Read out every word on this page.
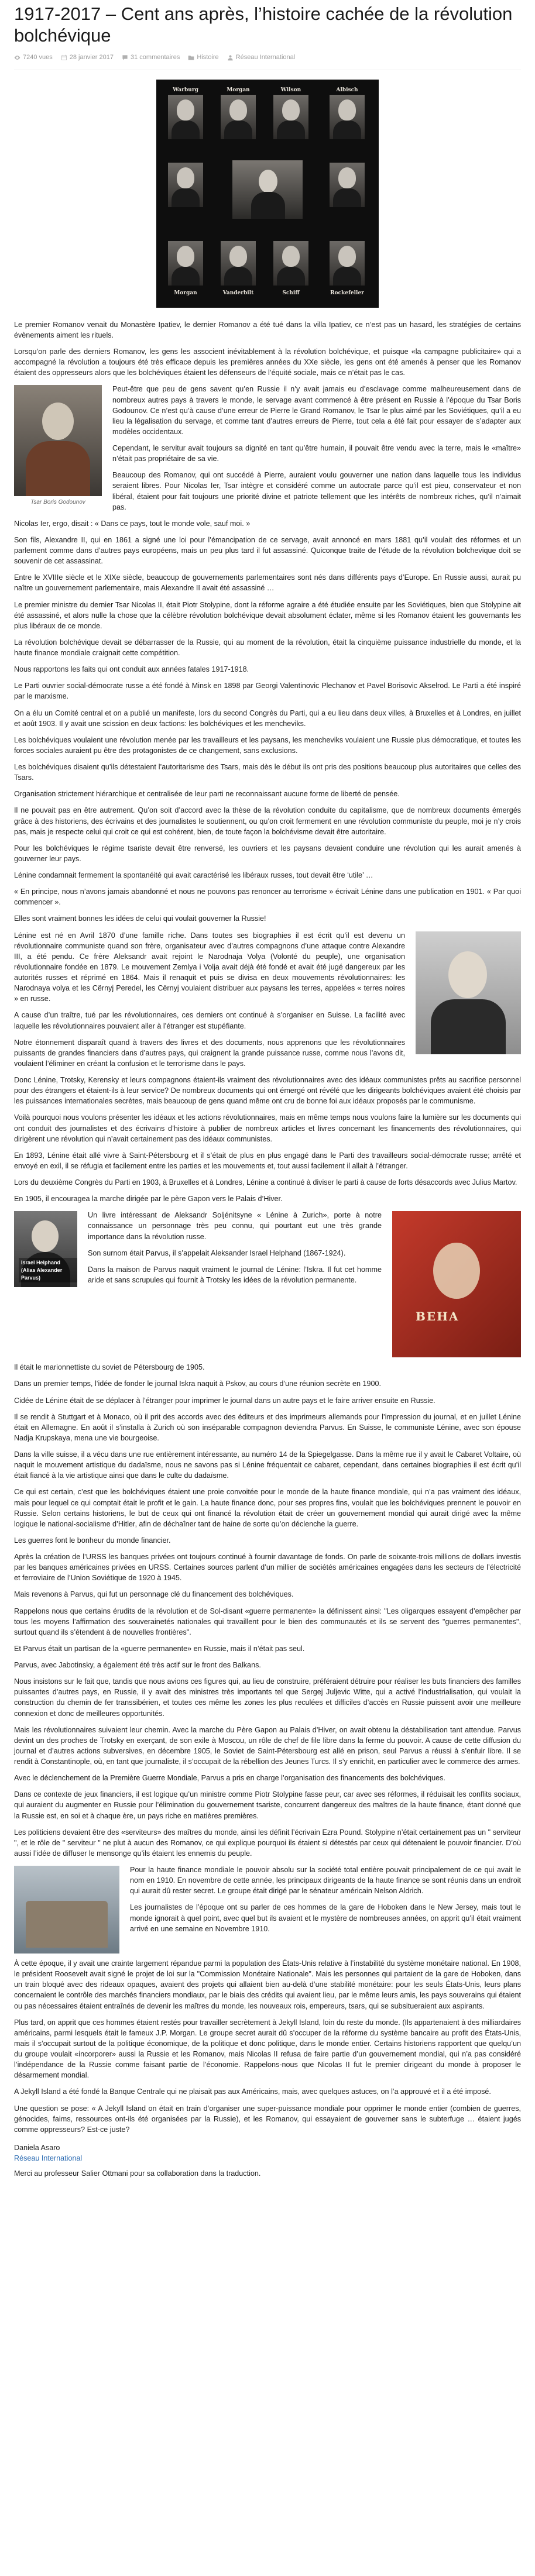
1917-2017 – Cent ans après, l’histoire cachée de la révolution bolchévique
7240 vues	28 janvier 2017	31 commentaires	Histoire	Réseau International
Warburg	Morgan	Wilson	Albisch
Morgan	Vanderbilt	Schiff	Rockefeller

Le premier Romanov venait du Monastère Ipatiev, le dernier Romanov a été tué dans la villa Ipatiev, ce n’est pas un hasard, les stratégies de certains évènements aiment les rituels.

Lorsqu’on parle des derniers Romanov, les gens les associent inévitablement à la révolution bolchévique, et puisque «la campagne publicitaire» qui a accompagné la révolution a toujours été très efficace depuis les premières années du XXe siècle, les gens ont été amenés à penser que les Romanov étaient des oppresseurs alors que les bolchéviques étaient les défenseurs de l’équité sociale, mais ce n’était pas le cas.

Tsar Boris Godounov

Peut-être que peu de gens savent qu’en Russie il n’y avait jamais eu d’esclavage comme malheureusement dans de nombreux autres pays à travers le monde, le servage avant commencé à être présent en Russie à l’époque du Tsar Boris Godounov. Ce n’est qu’à cause d’une erreur de Pierre le Grand Romanov, le Tsar le plus aimé par les Soviétiques, qu’il a eu lieu la légalisation du servage, et comme tant d’autres erreurs de Pierre, tout cela a été fait pour essayer de s’adapter aux modèles occidentaux.

Cependant, le servitur avait toujours sa dignité en tant qu’être humain, il pouvait être vendu avec la terre, mais le «maître» n’était pas propriétaire de sa vie.

Beaucoup des Romanov, qui ont succédé à Pierre, auraient voulu gouverner une nation dans laquelle tous les individus seraient libres. Pour Nicolas Ier, Tsar intègre et considéré comme un autocrate parce qu’il est pieu, conservateur et non libéral, étaient pour fait toujours une priorité divine et patriote tellement que les intérêts de nombreux riches, qu’il n’aimait pas.

Nicolas Ier, ergo, disait : « Dans ce pays, tout le monde vole, sauf moi. »

Son fils, Alexandre II, qui en 1861 a signé une loi pour l’émancipation de ce servage, avait annoncé en mars 1881 qu’il voulait des réformes et un parlement comme dans d’autres pays européens, mais un peu plus tard il fut assassiné. Quiconque traite de l’étude de la révolution bolchevique doit se souvenir de cet assassinat.

Entre le XVIIIe siècle et le XIXe siècle, beaucoup de gouvernements parlementaires sont nés dans différents pays d’Europe. En Russie aussi, aurait pu naître un gouvernement parlementaire, mais Alexandre II avait été assassiné …

Le premier ministre du dernier Tsar Nicolas II, était Piotr Stolypine, dont la réforme agraire a été étudiée ensuite par les Soviétiques, bien que Stolypine ait été assassiné, et alors nulle la chose que la célèbre révolution bolchévique devait absolument éclater, même si les Romanov étaient les gouvernants les plus libéraux de ce monde.

La révolution bolchévique devait se débarrasser de la Russie, qui au moment de la révolution, était la cinquième puissance industrielle du monde, et la haute finance mondiale craignait cette compétition.

Nous rapportons les faits qui ont conduit aux années fatales 1917-1918.

Le Parti ouvrier social-démocrate russe a été fondé à Minsk en 1898 par Georgi Valentinovic Plechanov et Pavel Borisovic Akselrod. Le Parti a été inspiré par le marxisme.

On a élu un Comité central et on a publié un manifeste, lors du second Congrès du Parti, qui a eu lieu dans deux villes, à Bruxelles et à Londres, en juillet et août 1903. Il y avait une scission en deux factions: les bolchéviques et les mencheviks.

Les bolchéviques voulaient une révolution menée par les travailleurs et les paysans, les mencheviks voulaient une Russie plus démocratique, et toutes les forces sociales auraient pu être des protagonistes de ce changement, sans exclusions.

Les bolchéviques disaient qu’ils détestaient l’autoritarisme des Tsars, mais dès le début ils ont pris des positions beaucoup plus autoritaires que celles des Tsars.

Organisation strictement hiérarchique et centralisée de leur parti ne reconnaissant aucune forme de liberté de pensée.

Il ne pouvait pas en être autrement. Qu’on soit d’accord avec la thèse de la révolution conduite du capitalisme, que de nombreux documents émergés grâce à des historiens, des écrivains et des journalistes le soutiennent, ou qu’on croit fermement en une révolution communiste du peuple, moi je n’y crois pas, mais je respecte celui qui croit ce qui est cohérent, bien, de toute façon la bolchévisme devait être autoritaire.

Pour les bolchéviques le régime tsariste devait être renversé, les ouvriers et les paysans devaient conduire une révolution qui les aurait amenés à gouverner leur pays.

Lénine condamnait fermement la spontanéité qui avait caractérisé les libéraux russes, tout devait être ‘utile’ …

« En principe, nous n’avons jamais abandonné et nous ne pouvons pas renoncer au terrorisme » écrivait Lénine dans une publication en 1901. « Par quoi commencer ».

Elles sont vraiment bonnes les idées de celui qui voulait gouverner la Russie!

Lénine est né en Avril 1870 d’une famille riche. Dans toutes ses biographies il est écrit qu’il est devenu un révolutionnaire communiste quand son frère, organisateur avec d’autres compagnons d’une attaque contre Alexandre III, a été pendu. Ce frère Aleksandr avait rejoint le Narodnaja Volya (Volonté du peuple), une organisation révolutionnaire fondée en 1879. Le mouvement Zemlya i Volja avait déjà été fondé et avait été jugé dangereux par les autorités russes et réprimé en 1864. Mais il renaquit et puis se divisa en deux mouvements révolutionnaires: les Narodnaya volya et les Cërnyj Peredel, les Cërnyj voulaient distribuer aux paysans les terres, appelées « terres noires » en russe.

A cause d’un traître, tué par les révolutionnaires, ces derniers ont continué à s’organiser en Suisse. La facilité avec laquelle les révolutionnaires pouvaient aller à l’étranger est stupéfiante.

Notre étonnement disparaît quand à travers des livres et des documents, nous apprenons que les révolutionnaires puissants de grandes financiers dans d’autres pays, qui craignent la grande puissance russe, comme nous l’avons dit, voulaient l’éliminer en créant la confusion et le terrorisme dans le pays.

Donc Lénine, Trotsky, Kerensky et leurs compagnons étaient-ils vraiment des révolutionnaires avec des idéaux communistes prêts au sacrifice personnel pour des étrangers et étaient-ils à leur service? De nombreux documents qui ont émergé ont révélé que les dirigeants bolchéviques avaient été choisis par les puissances internationales secrètes, mais beaucoup de gens quand même ont cru de bonne foi aux idéaux proposés par le communisme.

Voilà pourquoi nous voulons présenter les idéaux et les actions révolutionnaires, mais en même temps nous voulons faire la lumière sur les documents qui ont conduit des journalistes et des écrivains d’histoire à publier de nombreux articles et livres concernant les financements des révolutionnaires, qui dirigèrent une révolution qui n’avait certainement pas des idéaux communistes.

En 1893, Lénine était allé vivre à Saint-Pétersbourg et il s’était de plus en plus engagé dans le Parti des travailleurs social-démocrate russe; arrêté et envoyé en exil, il se réfugia et facilement entre les parties et les mouvements et, tout aussi facilement il allait à l’étranger.

Lors du deuxième Congrès du Parti en 1903, à Bruxelles et à Londres, Lénine a continué à diviser le parti à cause de forts désaccords avec Julius Martov.

En 1905, il encouragea la marche dirigée par le père Gapon vers le Palais d’Hiver.

Israel Helphand (Alias Alexander Parvus)
BEHA

Un livre intéressant de Aleksandr Soljénitsyne « Lénine à Zurich», porte à notre connaissance un personnage très peu connu, qui pourtant eut une très grande importance dans la révolution russe.

Son surnom était Parvus, il s’appelait Aleksander Israel Helphand (1867-1924).

Dans la maison de Parvus naquit vraiment le journal de Lénine: l’Iskra. Il fut cet homme aride et sans scrupules qui fournit à Trotsky les idées de la révolution permanente.

Il était le marionnettiste du soviet de Pétersbourg de 1905.

Dans un premier temps, l’idée de fonder le journal Iskra naquit à Pskov, au cours d’une réunion secrète en 1900.

Cidée de Lénine était de se déplacer à l’étranger pour imprimer le journal dans un autre pays et le faire arriver ensuite en Russie.

Il se rendit à Stuttgart et à Monaco, où il prit des accords avec des éditeurs et des imprimeurs allemands pour l’impression du journal, et en juillet Lénine était en Allemagne. En août il s’installa à Zurich où son inséparable compagnon deviendra Parvus. En Suisse, le communiste Lénine, avec son épouse Nadja Krupskaya, mena une vie bourgeoise.

Dans la ville suisse, il a vécu dans une rue entièrement intéressante, au numéro 14 de la Spiegelgasse. Dans la même rue il y avait le Cabaret Voltaire, où naquit le mouvement artistique du dadaïsme, nous ne savons pas si Lénine fréquentait ce cabaret, cependant, dans certaines biographies il est écrit qu’il était fiancé à la vie artistique ainsi que dans le culte du dadaïsme.

Ce qui est certain, c’est que les bolchéviques étaient une proie convoitée pour le monde de la haute finance mondiale, qui n’a pas vraiment des idéaux, mais pour lequel ce qui comptait était le profit et le gain. La haute finance donc, pour ses propres fins, voulait que les bolchéviques prennent le pouvoir en Russie. Selon certains historiens, le but de ceux qui ont financé la révolution était de créer un gouvernement mondial qui aurait dirigé avec la même logique le national-socialisme d’Hitler, afin de déchaîner tant de haine de sorte qu’on déclenche la guerre.

Les guerres font le bonheur du monde financier.

Après la création de l’URSS les banques privées ont toujours continué à fournir davantage de fonds. On parle de soixante-trois millions de dollars investis par les banques américaines privées en URSS. Certaines sources parlent d’un millier de sociétés américaines engagées dans les secteurs de l’électricité et ferroviaire de l’Union Soviétique de 1920 à 1945.

Mais revenons à Parvus, qui fut un personnage clé du financement des bolchéviques.

Rappelons nous que certains érudits de la révolution et de Sol-disant «guerre permanente» la définissent ainsi: "Les oligarques essayent d’empêcher par tous les moyens l’affirmation des souverainetés nationales qui travaillent pour le bien des communautés et ils se servent des "guerres permanentes", surtout quand ils s’étendent à de nouvelles frontières".

Et Parvus était un partisan de la «guerre permanente» en Russie, mais il n’était pas seul.

Parvus, avec Jabotinsky, a également été très actif sur le front des Balkans.

Nous insistons sur le fait que, tandis que nous avions ces figures qui, au lieu de construire, préféraient détruire pour réaliser les buts financiers des familles puissantes d’autres pays, en Russie, il y avait des ministres très importants tel que Sergej Juljevic Witte, qui a activé l’industrialisation, qui voulait la construction du chemin de fer transsibérien, et toutes ces même les zones les plus reculées et difficiles d’accès en Russie puissent avoir une meilleure connexion et donc de meilleures opportunités.

Mais les révolutionnaires suivaient leur chemin. Avec la marche du Père Gapon au Palais d’Hiver, on avait obtenu la déstabilisation tant attendue. Parvus devint un des proches de Trotsky en exerçant, de son exile à Moscou, un rôle de chef de file libre dans la ferme du pouvoir. A cause de cette diffusion du journal et d’autres actions subversives, en décembre 1905, le Soviet de Saint-Pétersbourg est allé en prison, seul Parvus a réussi à s’enfuir libre. Il se rendit à Constantinople, où, en tant que journaliste, il s’occupait de la rébellion des Jeunes Turcs. Il s’y enrichit, en particulier avec le commerce des armes.

Avec le déclenchement de la Première Guerre Mondiale, Parvus a pris en charge l’organisation des financements des bolchéviques.

Dans ce contexte de jeux financiers, il est logique qu’un ministre comme Piotr Stolypine fasse peur, car avec ses réformes, il réduisait les conflits sociaux, qui auraient du augmenter en Russie pour l’élimination du gouvernement tsariste, concurrent dangereux des maîtres de la haute finance, étant donné que la Russie est, en soi et à chaque ère, un pays riche en matières premières.

Les politiciens devaient être des «serviteurs» des maîtres du monde, ainsi les définit l’écrivain Ezra Pound. Stolypine n’était certainement pas un " serviteur ", et le rôle de " serviteur " ne plut à aucun des Romanov, ce qui explique pourquoi ils étaient si détestés par ceux qui détenaient le pouvoir financier. D’où aussi l’idée de diffuser le mensonge qu’ils étaient les ennemis du peuple.

Pour la haute finance mondiale le pouvoir absolu sur la société total entière pouvait principalement de ce qui avait le nom en 1910. En novembre de cette année, les principaux dirigeants de la haute finance se sont réunis dans un endroit qui aurait dû rester secret. Le groupe était dirigé par le sénateur américain Nelson Aldrich.

Les journalistes de l’époque ont su parler de ces hommes de la gare de Hoboken dans le New Jersey, mais tout le monde ignorait à quel point, avec quel but ils avaient et le mystère de nombreuses années, on apprit qu’il était vraiment arrivé en une semaine en Novembre 1910.

À cette époque, il y avait une crainte largement répandue parmi la population des États-Unis relative à l’instabilité du système monétaire national. En 1908, le président Roosevelt avait signé le projet de loi sur la "Commission Monétaire Nationale". Mais les personnes qui partaient de la gare de Hoboken, dans un train bloqué avec des rideaux opaques, avaient des projets qui allaient bien au-delà d’une stabilité monétaire: pour les seuls États-Unis, leurs plans concernaient le contrôle des marchés financiers mondiaux, par le biais des crédits qui avaient lieu, par le même leurs amis, les pays souverains qui étaient ou pas nécessaires étaient entraînés de devenir les maîtres du monde, les nouveaux rois, empereurs, tsars, qui se subsitueraient aux aspirants.

Plus tard, on apprit que ces hommes étaient restés pour travailler secrètement à Jekyll Island, loin du reste du monde. (Ils appartenaient à des milliardaires américains, parmi lesquels était le fameux J.P. Morgan. Le groupe secret aurait dû s’occuper de la réforme du système bancaire au profit des États-Unis, mais il s’occupait surtout de la politique économique, de la politique et donc politique, dans le monde entier. Certains historiens rapportent que quelqu’un du groupe voulait «incorporer» aussi la Russie et les Romanov, mais Nicolas II refusa de faire partie d’un gouvernement mondial, qui n’a pas considéré l’indépendance de la Russie comme faisant partie de l’économie. Rappelons-nous que Nicolas II fut le premier dirigeant du monde à proposer le désarmement mondial.

A Jekyll Island a été fondé la Banque Centrale qui ne plaisait pas aux Américains, mais, avec quelques astuces, on l’a approuvé et il a été imposé.

Une question se pose: « A Jekyll Island on était en train d’organiser une super-puissance mondiale pour opprimer le monde entier (combien de guerres, génocides, faims, ressources ont-ils été organisées par la Russie), et les Romanov, qui essayaient de gouverner sans le subterfuge … étaient jugés comme oppresseurs? Est-ce juste?

Daniela Asaro
Réseau International
Merci au professeur Salier Ottmani pour sa collaboration dans la traduction.
